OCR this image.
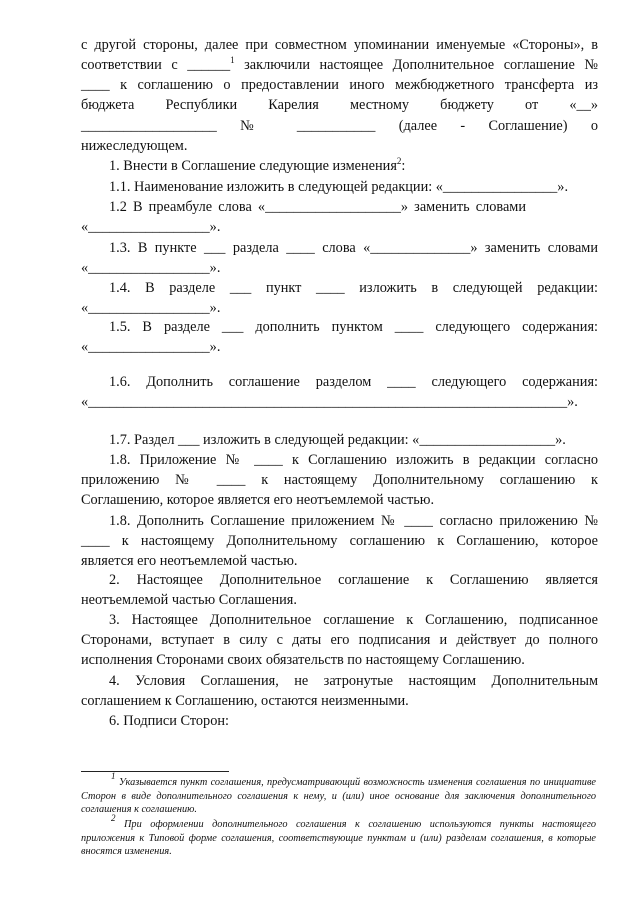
с другой стороны, далее при совместном упоминании именуемые «Стороны», в
соответствии с ______$^1$ заключили настоящее Дополнительное соглашение №
____ к соглашению о предоставлении иного межбюджетного трансферта из
бюджета Республики Карелия местному бюджету от «__»
___________________ № ___________ (далее - Соглашение) о
нижеследующем.
1. Внести в Соглашение следующие изменения$^2$:
1.1. Наименование изложить в следующей редакции: «________________».
1.2 В преамбуле слова «___________________» заменить словами
«_________________».
1.3. В пункте ___ раздела ____ слова «______________» заменить словами
«_________________».
1.4. В разделе ___ пункт ____ изложить в следующей редакции:
«_________________».
1.5. В разделе ___ дополнить пунктом ____ следующего содержания:
«_________________».
1.6. Дополнить соглашение разделом ____ следующего содержания:
«___________________________________________________________________».
1.7. Раздел ___ изложить в следующей редакции: «___________________».
1.8. Приложение № ____ к Соглашению изложить в редакции согласно
приложению № ____ к настоящему Дополнительному соглашению к
Соглашению, которое является его неотъемлемой частью.
1.8. Дополнить Соглашение приложением № ____ согласно приложению №
____ к настоящему Дополнительному соглашению к Соглашению, которое
является его неотъемлемой частью.
2. Настоящее Дополнительное соглашение к Соглашению является
неотъемлемой частью Соглашения.
3. Настоящее Дополнительное соглашение к Соглашению, подписанное
Сторонами, вступает в силу с даты его подписания и действует до полного
исполнения Сторонами своих обязательств по настоящему Соглашению.
4. Условия Соглашения, не затронутые настоящим Дополнительным
соглашением к Соглашению, остаются неизменными.
6. Подписи Сторон:
$^1$ Указывается пункт соглашения, предусматривающий возможность изменения соглашения по инициативе Сторон в виде дополнительного соглашения к нему, и (или) иное основание для заключения дополнительного соглашения к соглашению.
$^2$ При оформлении дополнительного соглашения к соглашению используются пункты настоящего приложения к Типовой форме соглашения, соответствующие пунктам и (или) разделам соглашения, в которые вносятся изменения.
